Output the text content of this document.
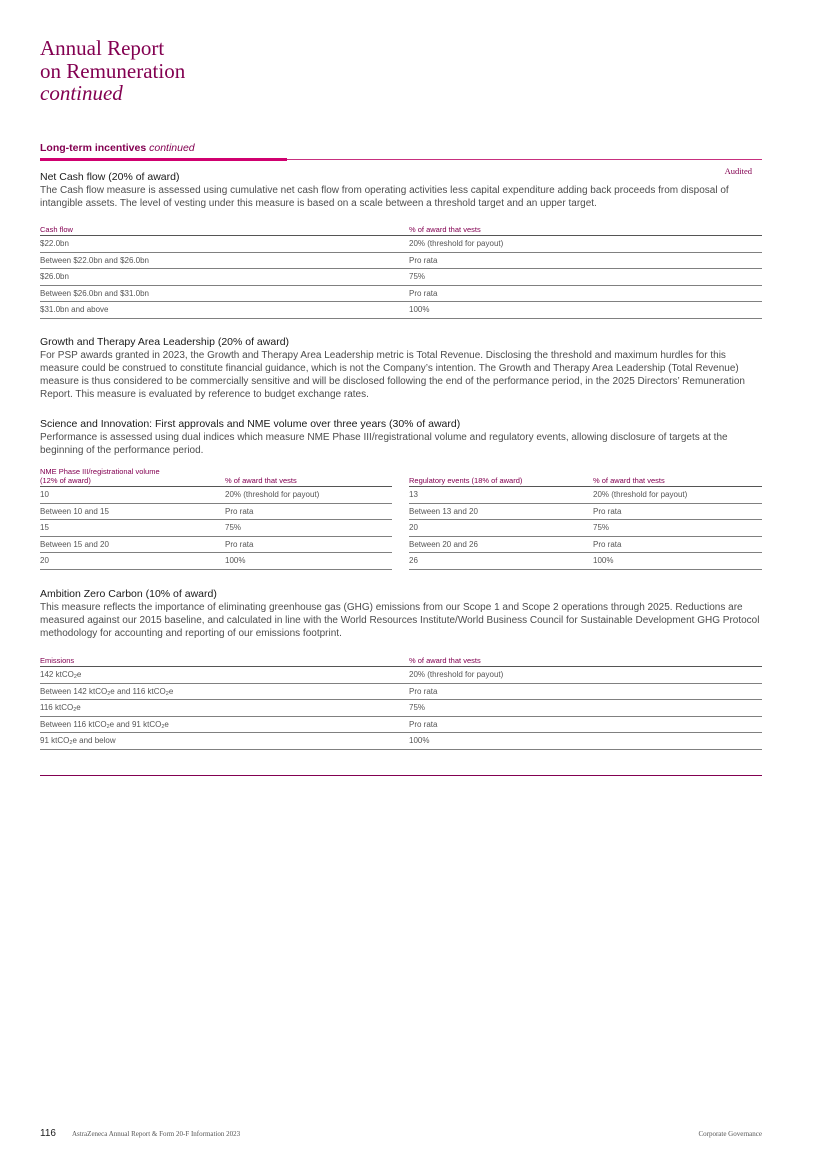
Annual Report
on Remuneration
continued
Long-term incentives continued
Audited
Net Cash flow (20% of award)

The Cash flow measure is assessed using cumulative net cash flow from operating activities less capital expenditure adding back proceeds from disposal of intangible assets. The level of vesting under this measure is based on a scale between a threshold target and an upper target.

Cash flow	% of award that vests
$22.0bn	20% (threshold for payout)
Between $22.0bn and $26.0bn	Pro rata
$26.0bn	75%
Between $26.0bn and $31.0bn	Pro rata
$31.0bn and above	100%
Growth and Therapy Area Leadership (20% of award)

For PSP awards granted in 2023, the Growth and Therapy Area Leadership metric is Total Revenue. Disclosing the threshold and maximum hurdles for this measure could be construed to constitute financial guidance, which is not the Company’s intention. The Growth and Therapy Area Leadership (Total Revenue) measure is thus considered to be commercially sensitive and will be disclosed following the end of the performance period, in the 2025 Directors’ Remuneration Report. This measure is evaluated by reference to budget exchange rates.

Science and Innovation: First approvals and NME volume over three years (30% of award)

Performance is assessed using dual indices which measure NME Phase III/registrational volume and regulatory events, allowing disclosure of targets at the beginning of the performance period.

NME Phase III/registrational volume
(12% of award)	% of award that vests
10	20% (threshold for payout)
Between 10 and 15	Pro rata
15	75%
Between 15 and 20	Pro rata
20	100%

Regulatory events (18% of award)	% of award that vests
13	20% (threshold for payout)
Between 13 and 20	Pro rata
20	75%
Between 20 and 26	Pro rata
26	100%
Ambition Zero Carbon (10% of award)

This measure reflects the importance of eliminating greenhouse gas (GHG) emissions from our Scope 1 and Scope 2 operations through 2025. Reductions are measured against our 2015 baseline, and calculated in line with the World Resources Institute/World Business Council for Sustainable Development GHG Protocol methodology for accounting and reporting of our emissions footprint.

Emissions	% of award that vests
142 ktCO$_2$e	20% (threshold for payout)
Between 142 ktCO$_2$e and 116 ktCO$_2$e	Pro rata
116 ktCO$_2$e	75%
Between 116 ktCO$_2$e and 91 ktCO$_2$e	Pro rata
91 ktCO$_2$e and below	100%
116 AstraZeneca Annual Report & Form 20-F Information 2023	Corporate Governance
